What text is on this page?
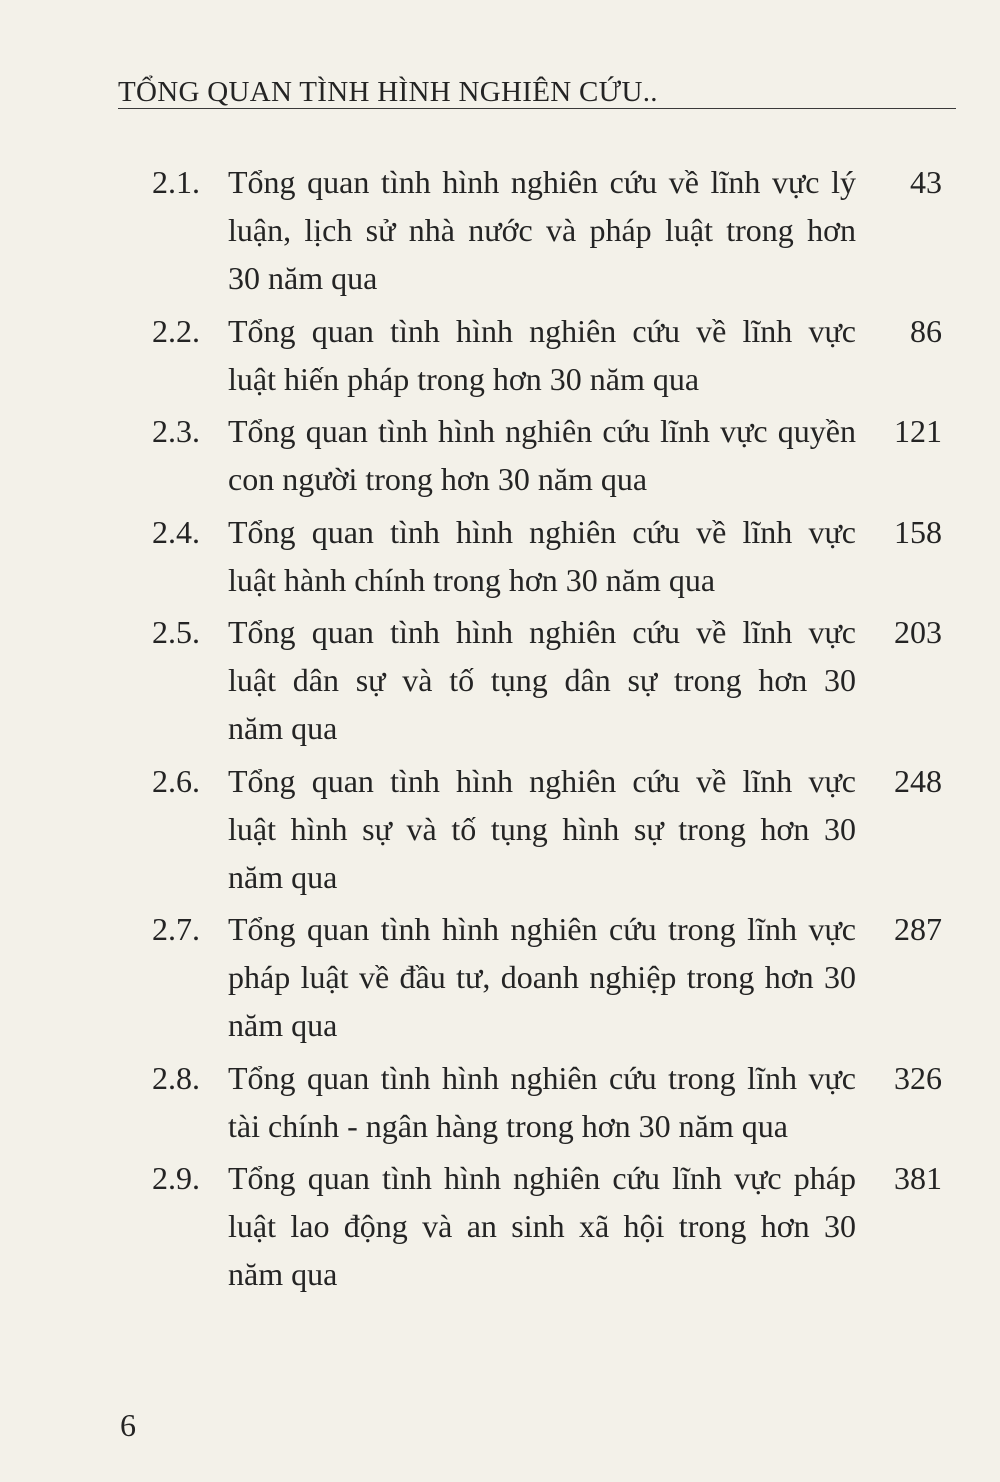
TỔNG QUAN TÌNH HÌNH NGHIÊN CỨU..
2.1. Tổng quan tình hình nghiên cứu về lĩnh vực lý
luận, lịch sử nhà nước và pháp luật trong hơn
30 năm qua
43
2.2. Tổng quan tình hình nghiên cứu về lĩnh vực
luật hiến pháp trong hơn 30 năm qua
86
2.3. Tổng quan tình hình nghiên cứu lĩnh vực quyền
con người trong hơn 30 năm qua
121
2.4. Tổng quan tình hình nghiên cứu về lĩnh vực
luật hành chính trong hơn 30 năm qua
158
2.5. Tổng quan tình hình nghiên cứu về lĩnh vực
luật dân sự và tố tụng dân sự trong hơn 30
năm qua
203
2.6. Tổng quan tình hình nghiên cứu về lĩnh vực
luật hình sự và tố tụng hình sự trong hơn 30
năm qua
248
2.7. Tổng quan tình hình nghiên cứu trong lĩnh vực
pháp luật về đầu tư, doanh nghiệp trong hơn 30
năm qua
287
2.8. Tổng quan tình hình nghiên cứu trong lĩnh vực
tài chính - ngân hàng trong hơn 30 năm qua
326
2.9. Tổng quan tình hình nghiên cứu lĩnh vực pháp
luật lao động và an sinh xã hội trong hơn 30
năm qua
381
6
